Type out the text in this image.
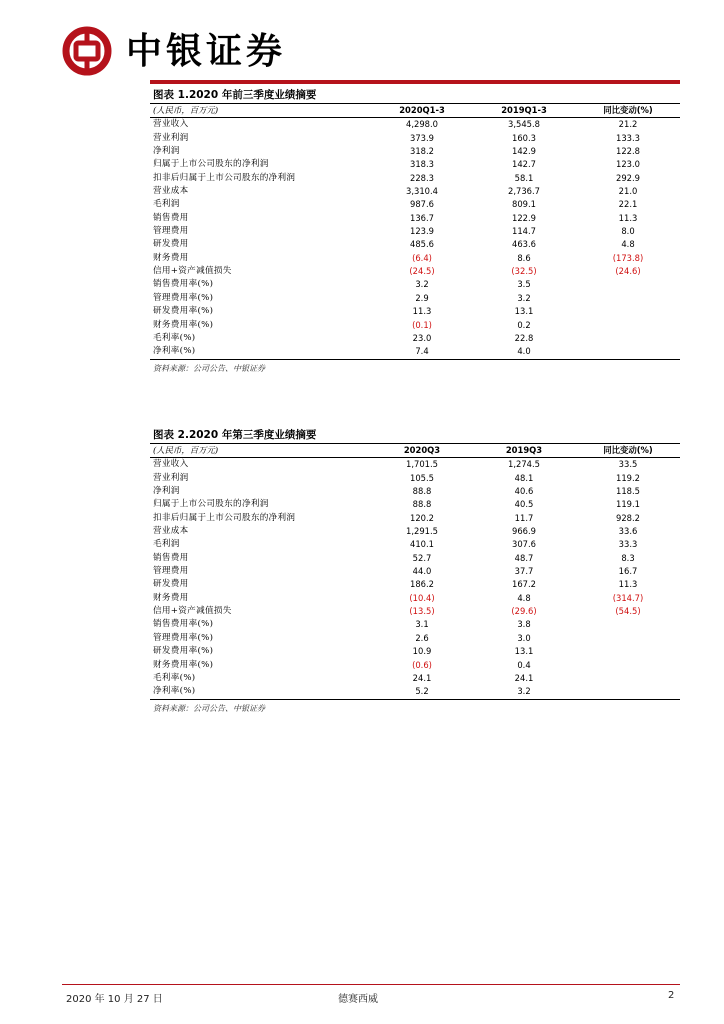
中银证券
图表 1.2020 年前三季度业绩摘要
(人民币，百万元)	2020Q1-3	2019Q1-3	同比变动(%)
营业收入	4,298.0	3,545.8	21.2
营业利润	373.9	160.3	133.3
净利润	318.2	142.9	122.8
归属于上市公司股东的净利润	318.3	142.7	123.0
扣非后归属于上市公司股东的净利润	228.3	58.1	292.9
营业成本	3,310.4	2,736.7	21.0
毛利润	987.6	809.1	22.1
销售费用	136.7	122.9	11.3
管理费用	123.9	114.7	8.0
研发费用	485.6	463.6	4.8
财务费用	(6.4)	8.6	(173.8)
信用+资产减值损失	(24.5)	(32.5)	(24.6)
销售费用率(%)	3.2	3.5	
管理费用率(%)	2.9	3.2	
研发费用率(%)	11.3	13.1	
财务费用率(%)	(0.1)	0.2	
毛利率(%)	23.0	22.8	
净利率(%)	7.4	4.0	
资料来源：公司公告、中银证券
图表 2.2020 年第三季度业绩摘要
(人民币，百万元)	2020Q3	2019Q3	同比变动(%)
营业收入	1,701.5	1,274.5	33.5
营业利润	105.5	48.1	119.2
净利润	88.8	40.6	118.5
归属于上市公司股东的净利润	88.8	40.5	119.1
扣非后归属于上市公司股东的净利润	120.2	11.7	928.2
营业成本	1,291.5	966.9	33.6
毛利润	410.1	307.6	33.3
销售费用	52.7	48.7	8.3
管理费用	44.0	37.7	16.7
研发费用	186.2	167.2	11.3
财务费用	(10.4)	4.8	(314.7)
信用+资产减值损失	(13.5)	(29.6)	(54.5)
销售费用率(%)	3.1	3.8	
管理费用率(%)	2.6	3.0	
研发费用率(%)	10.9	13.1	
财务费用率(%)	(0.6)	0.4	
毛利率(%)	24.1	24.1	
净利率(%)	5.2	3.2	
资料来源：公司公告、中银证券
2020 年 10 月 27 日	德赛西威	2
